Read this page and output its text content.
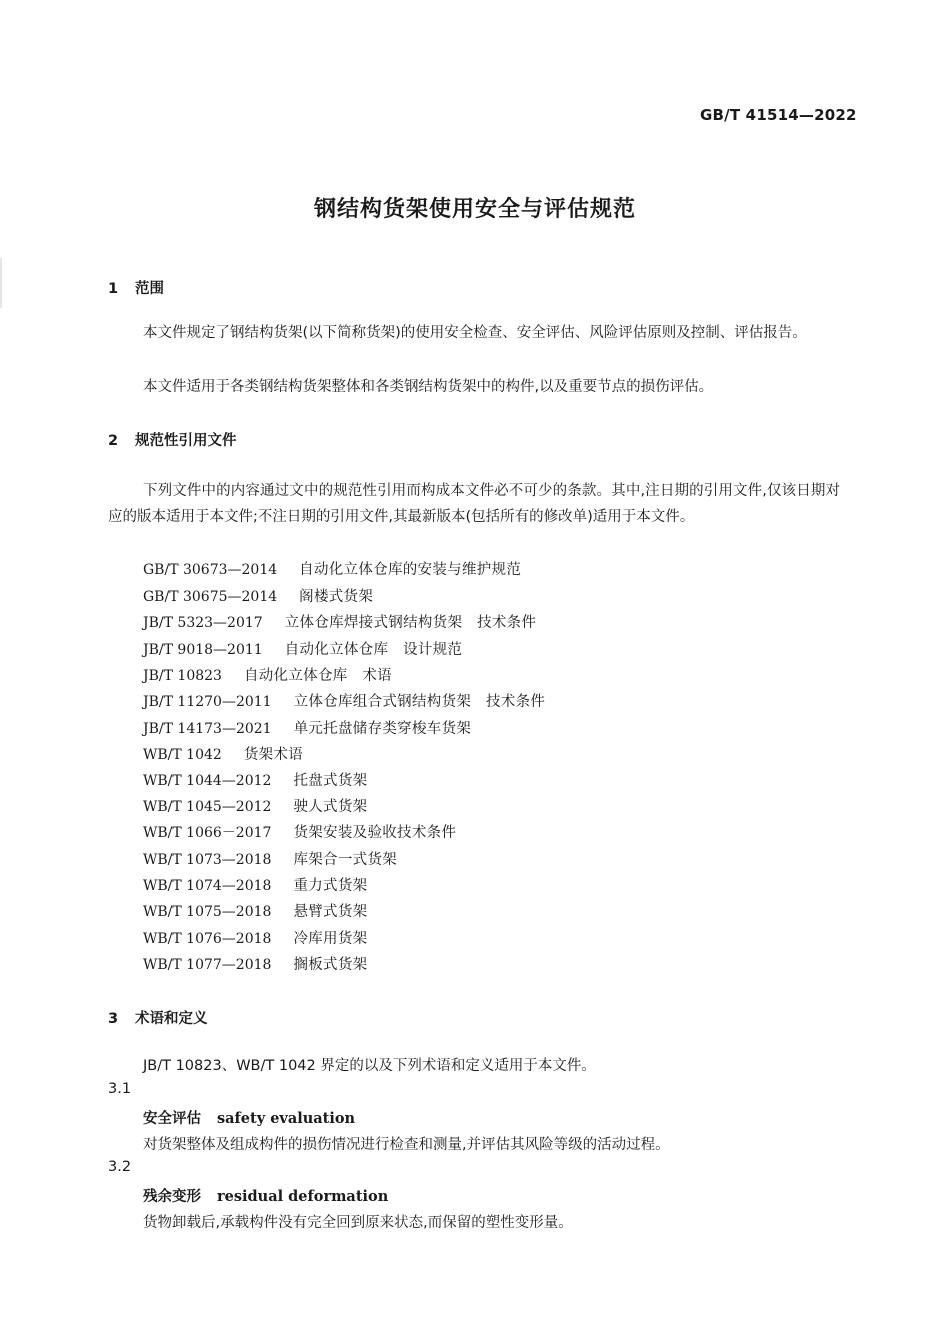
GB/T 41514—2022
钢结构货架使用安全与评估规范
1 范围
本文件规定了钢结构货架(以下简称货架)的使用安全检查、安全评估、风险评估原则及控制、评估报告。
本文件适用于各类钢结构货架整体和各类钢结构货架中的构件,以及重要节点的损伤评估。
2 规范性引用文件
下列文件中的内容通过文中的规范性引用而构成本文件必不可少的条款。其中,注日期的引用文件,仅该日期对应的版本适用于本文件;不注日期的引用文件,其最新版本(包括所有的修改单)适用于本文件。
GB/T 30673—2014 自动化立体仓库的安装与维护规范
GB/T 30675—2014 阁楼式货架
JB/T 5323—2017 立体仓库焊接式钢结构货架　技术条件
JB/T 9018—2011 自动化立体仓库　设计规范
JB/T 10823 自动化立体仓库　术语
JB/T 11270—2011 立体仓库组合式钢结构货架　技术条件
JB/T 14173—2021 单元托盘储存类穿梭车货架
WB/T 1042 货架术语
WB/T 1044—2012 托盘式货架
WB/T 1045—2012 驶人式货架
WB/T 1066－2017 货架安装及验收技术条件
WB/T 1073—2018 库架合一式货架
WB/T 1074—2018 重力式货架
WB/T 1075—2018 悬臂式货架
WB/T 1076—2018 冷库用货架
WB/T 1077—2018 搁板式货架
3 术语和定义
JB/T 10823、WB/T 1042 界定的以及下列术语和定义适用于本文件。
3.1
安全评估 safety evaluation
对货架整体及组成构件的损伤情况进行检查和测量,并评估其风险等级的活动过程。
3.2
残余变形 residual deformation
货物卸载后,承载构件没有完全回到原来状态,而保留的塑性变形量。
